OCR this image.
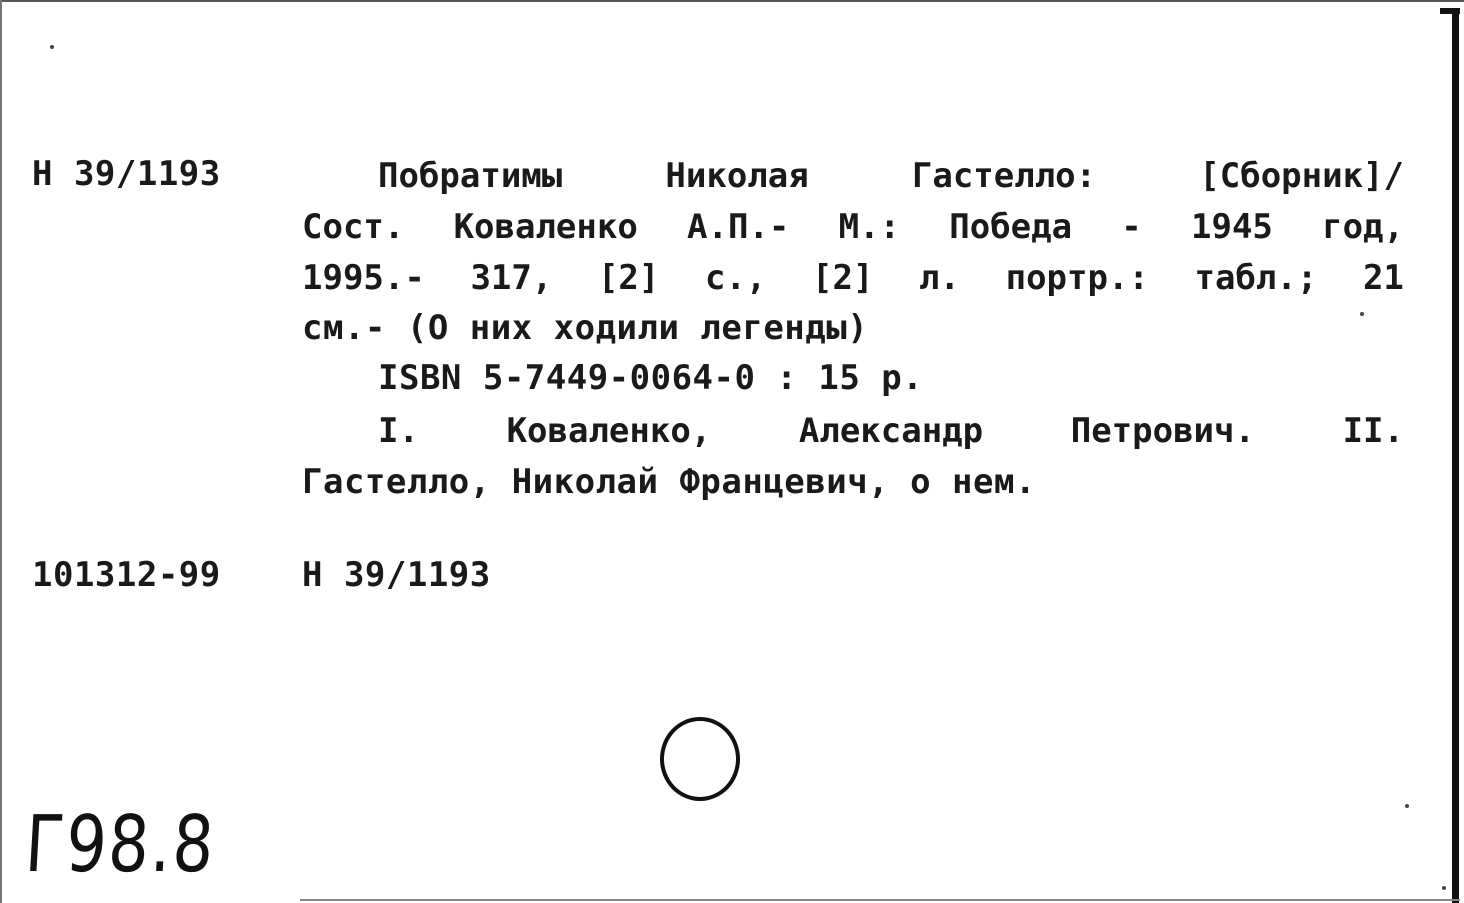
Н 39/1193	Побратимы	Николая	Гастелло:	[Сборник]/
Сост. Коваленко А.П.- М.: Победа - 1945 год,
1995.- 317, [2] с., [2] л. портр.: табл.; 21
см.- (О них ходили легенды)
ISBN 5-7449-0064-0 : 15 р.
I.	Коваленко,	Александр	Петрович.	II.
Гастелло, Николай Францевич, о нем.
101312-99 Н 39/1193
Г98.8
